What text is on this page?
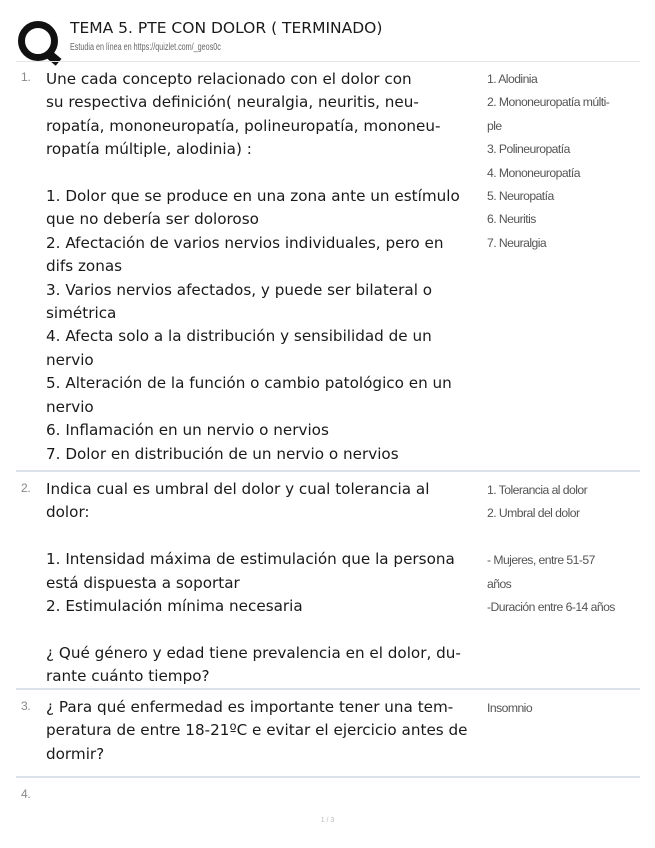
TEMA 5. PTE CON DOLOR ( TERMINADO)
Estudia en línea en https://quizlet.com/_geos0c
1. Une cada concepto relacionado con el dolor con
su respectiva definición( neuralgia, neuritis, neu-
ropatía, mononeuropatía, polineuropatía, mononeu-
ropatía múltiple, alodinia) :

1. Dolor que se produce en una zona ante un estímulo
que no debería ser doloroso
2. Afectación de varios nervios individuales, pero en
difs zonas
3. Varios nervios afectados, y puede ser bilateral o
simétrica
4. Afecta solo a la distribución y sensibilidad de un
nervio
5. Alteración de la función o cambio patológico en un
nervio
6. Inflamación en un nervio o nervios
7. Dolor en distribución de un nervio o nervios
1. Alodinia
2. Mononeuropatía múlti-
ple
3. Polineuropatía
4. Mononeuropatía
5. Neuropatía
6. Neuritis
7. Neuralgia
2. Indica cual es umbral del dolor y cual tolerancia al
dolor:

1. Intensidad máxima de estimulación que la persona
está dispuesta a soportar
2. Estimulación mínima necesaria

¿ Qué género y edad tiene prevalencia en el dolor, du-
rante cuánto tiempo?
1. Tolerancia al dolor
2. Umbral del dolor

- Mujeres, entre 51-57
años
-Duración entre 6-14 años
3. ¿ Para qué enfermedad es importante tener una tem-
peratura de entre 18-21ºC e evitar el ejercicio antes de
dormir?
Insomnio
4.
1 / 3
